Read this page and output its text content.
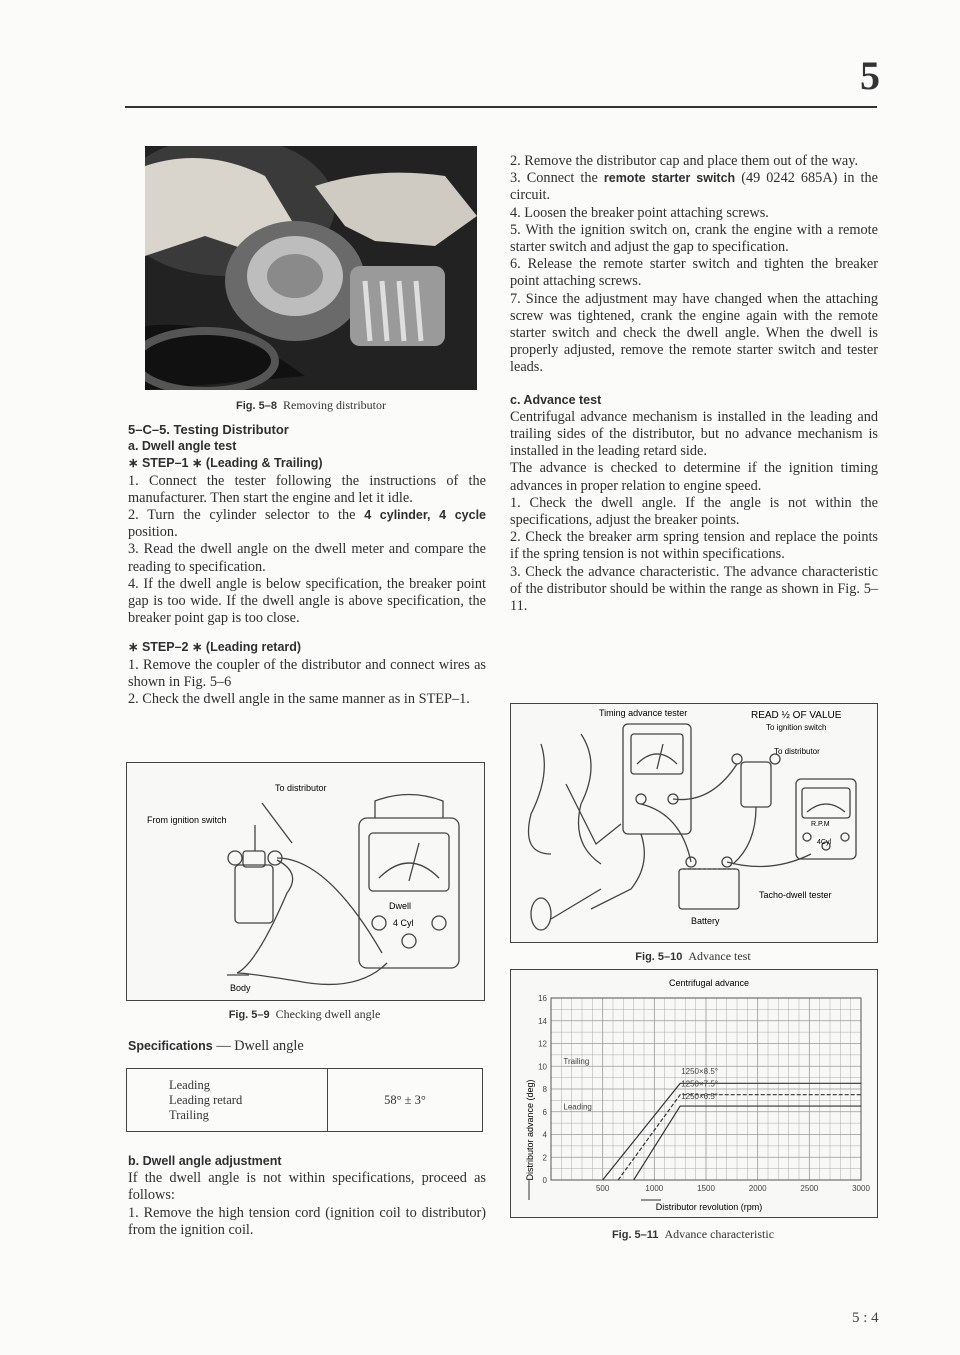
5
Fig. 5–8 Removing distributor

5–C–5. Testing Distributor

a. Dwell angle test

∗ STEP–1 ∗ (Leading & Trailing)

1. Connect the tester following the instructions of the manufacturer. Then start the engine and let it idle.

2. Turn the cylinder selector to the 4 cylinder, 4 cycle position.

3. Read the dwell angle on the dwell meter and compare the reading to specification.

4. If the dwell angle is below specification, the breaker point gap is too wide. If the dwell angle is above specification, the breaker point gap is too close.

∗ STEP–2 ∗ (Leading retard)

1. Remove the coupler of the distributor and connect wires as shown in Fig. 5–6

2. Check the dwell angle in the same manner as in STEP–1.

To distributor
From ignition switch
Body
Dwell
4 Cyl
Fig. 5–9 Checking dwell angle
Specifications — Dwell angle
Leading
Leading retard
Trailing
	58° ± 3°

b. Dwell angle adjustment

If the dwell angle is not within specifications, proceed as follows:

1. Remove the high tension cord (ignition coil to distributor) from the ignition coil.

2. Remove the distributor cap and place them out of the way.

3. Connect the remote starter switch (49 0242 685A) in the circuit.

4. Loosen the breaker point attaching screws.

5. With the ignition switch on, crank the engine with a remote starter switch and adjust the gap to specification.

6. Release the remote starter switch and tighten the breaker point attaching screws.

7. Since the adjustment may have changed when the attaching screw was tightened, crank the engine again with the remote starter switch and check the dwell angle. When the dwell is properly adjusted, remove the remote starter switch and tester leads.

c. Advance test

Centrifugal advance mechanism is installed in the leading and trailing sides of the distributor, but no advance mechanism is installed in the leading retard side.

The advance is checked to determine if the ignition timing advances in proper relation to engine speed.

1. Check the dwell angle. If the angle is not within the specifications, adjust the breaker points.

2. Check the breaker arm spring tension and replace the points if the spring tension is not within specifications.

3. Check the advance characteristic. The advance characteristic of the distributor should be within the range as shown in Fig. 5–11.

Timing advance tester	READ ½ OF VALUE
To ignition switch
To distributor
R.P.M
4Cyl
Tacho-dwell tester
Battery
Fig. 5–10 Advance test
Centrifugal advance
500	1000	1500	2000	2500	3000
0
2
4
6
8
10
12
14
16
Trailing
Leading
1250×8.5°
1250×7.5°
1250×6.5°
Distributor advance (deg)
Distributor revolution (rpm)
Fig. 5–11 Advance characteristic
5 : 4
